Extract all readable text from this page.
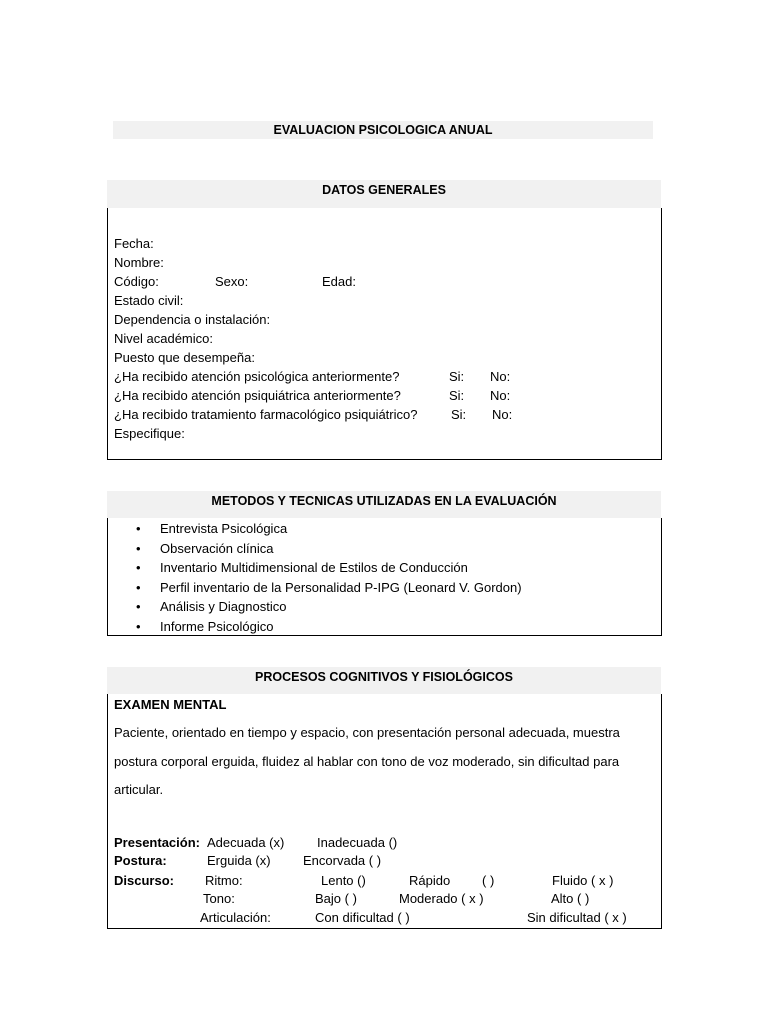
EVALUACION PSICOLOGICA ANUAL
DATOS GENERALES
Fecha:
Nombre:
Código:	Sexo:	Edad:
Estado civil:
Dependencia o instalación:
Nivel académico:
Puesto que desempeña:
¿Ha recibido atención psicológica anteriormente?	Si: No:
¿Ha recibido atención psiquiátrica anteriormente?	Si: No:
¿Ha recibido tratamiento farmacológico psiquiátrico?	Si: No:
Especifique:
METODOS Y TECNICAS UTILIZADAS EN LA EVALUACIÓN
• Entrevista Psicológica
• Observación clínica
• Inventario Multidimensional de Estilos de Conducción
• Perfil inventario de la Personalidad P-IPG (Leonard V. Gordon)
• Análisis y Diagnostico
• Informe Psicológico
PROCESOS COGNITIVOS Y FISIOLÓGICOS
EXAMEN MENTAL
Paciente, orientado en tiempo y espacio, con presentación personal adecuada, muestra
postura corporal erguida, fluidez al hablar con tono de voz moderado, sin dificultad para
articular.
Presentación: Adecuada (x)	Inadecuada ()
Postura:	Erguida (x) Encorvada ( )
Discurso: Ritmo:	Lento ()	Rápido ( )	Fluido ( x )
Tono:	Bajo ( )	Moderado ( x )	Alto ( )
Articulación:	Con dificultad ( )	Sin dificultad ( x )
